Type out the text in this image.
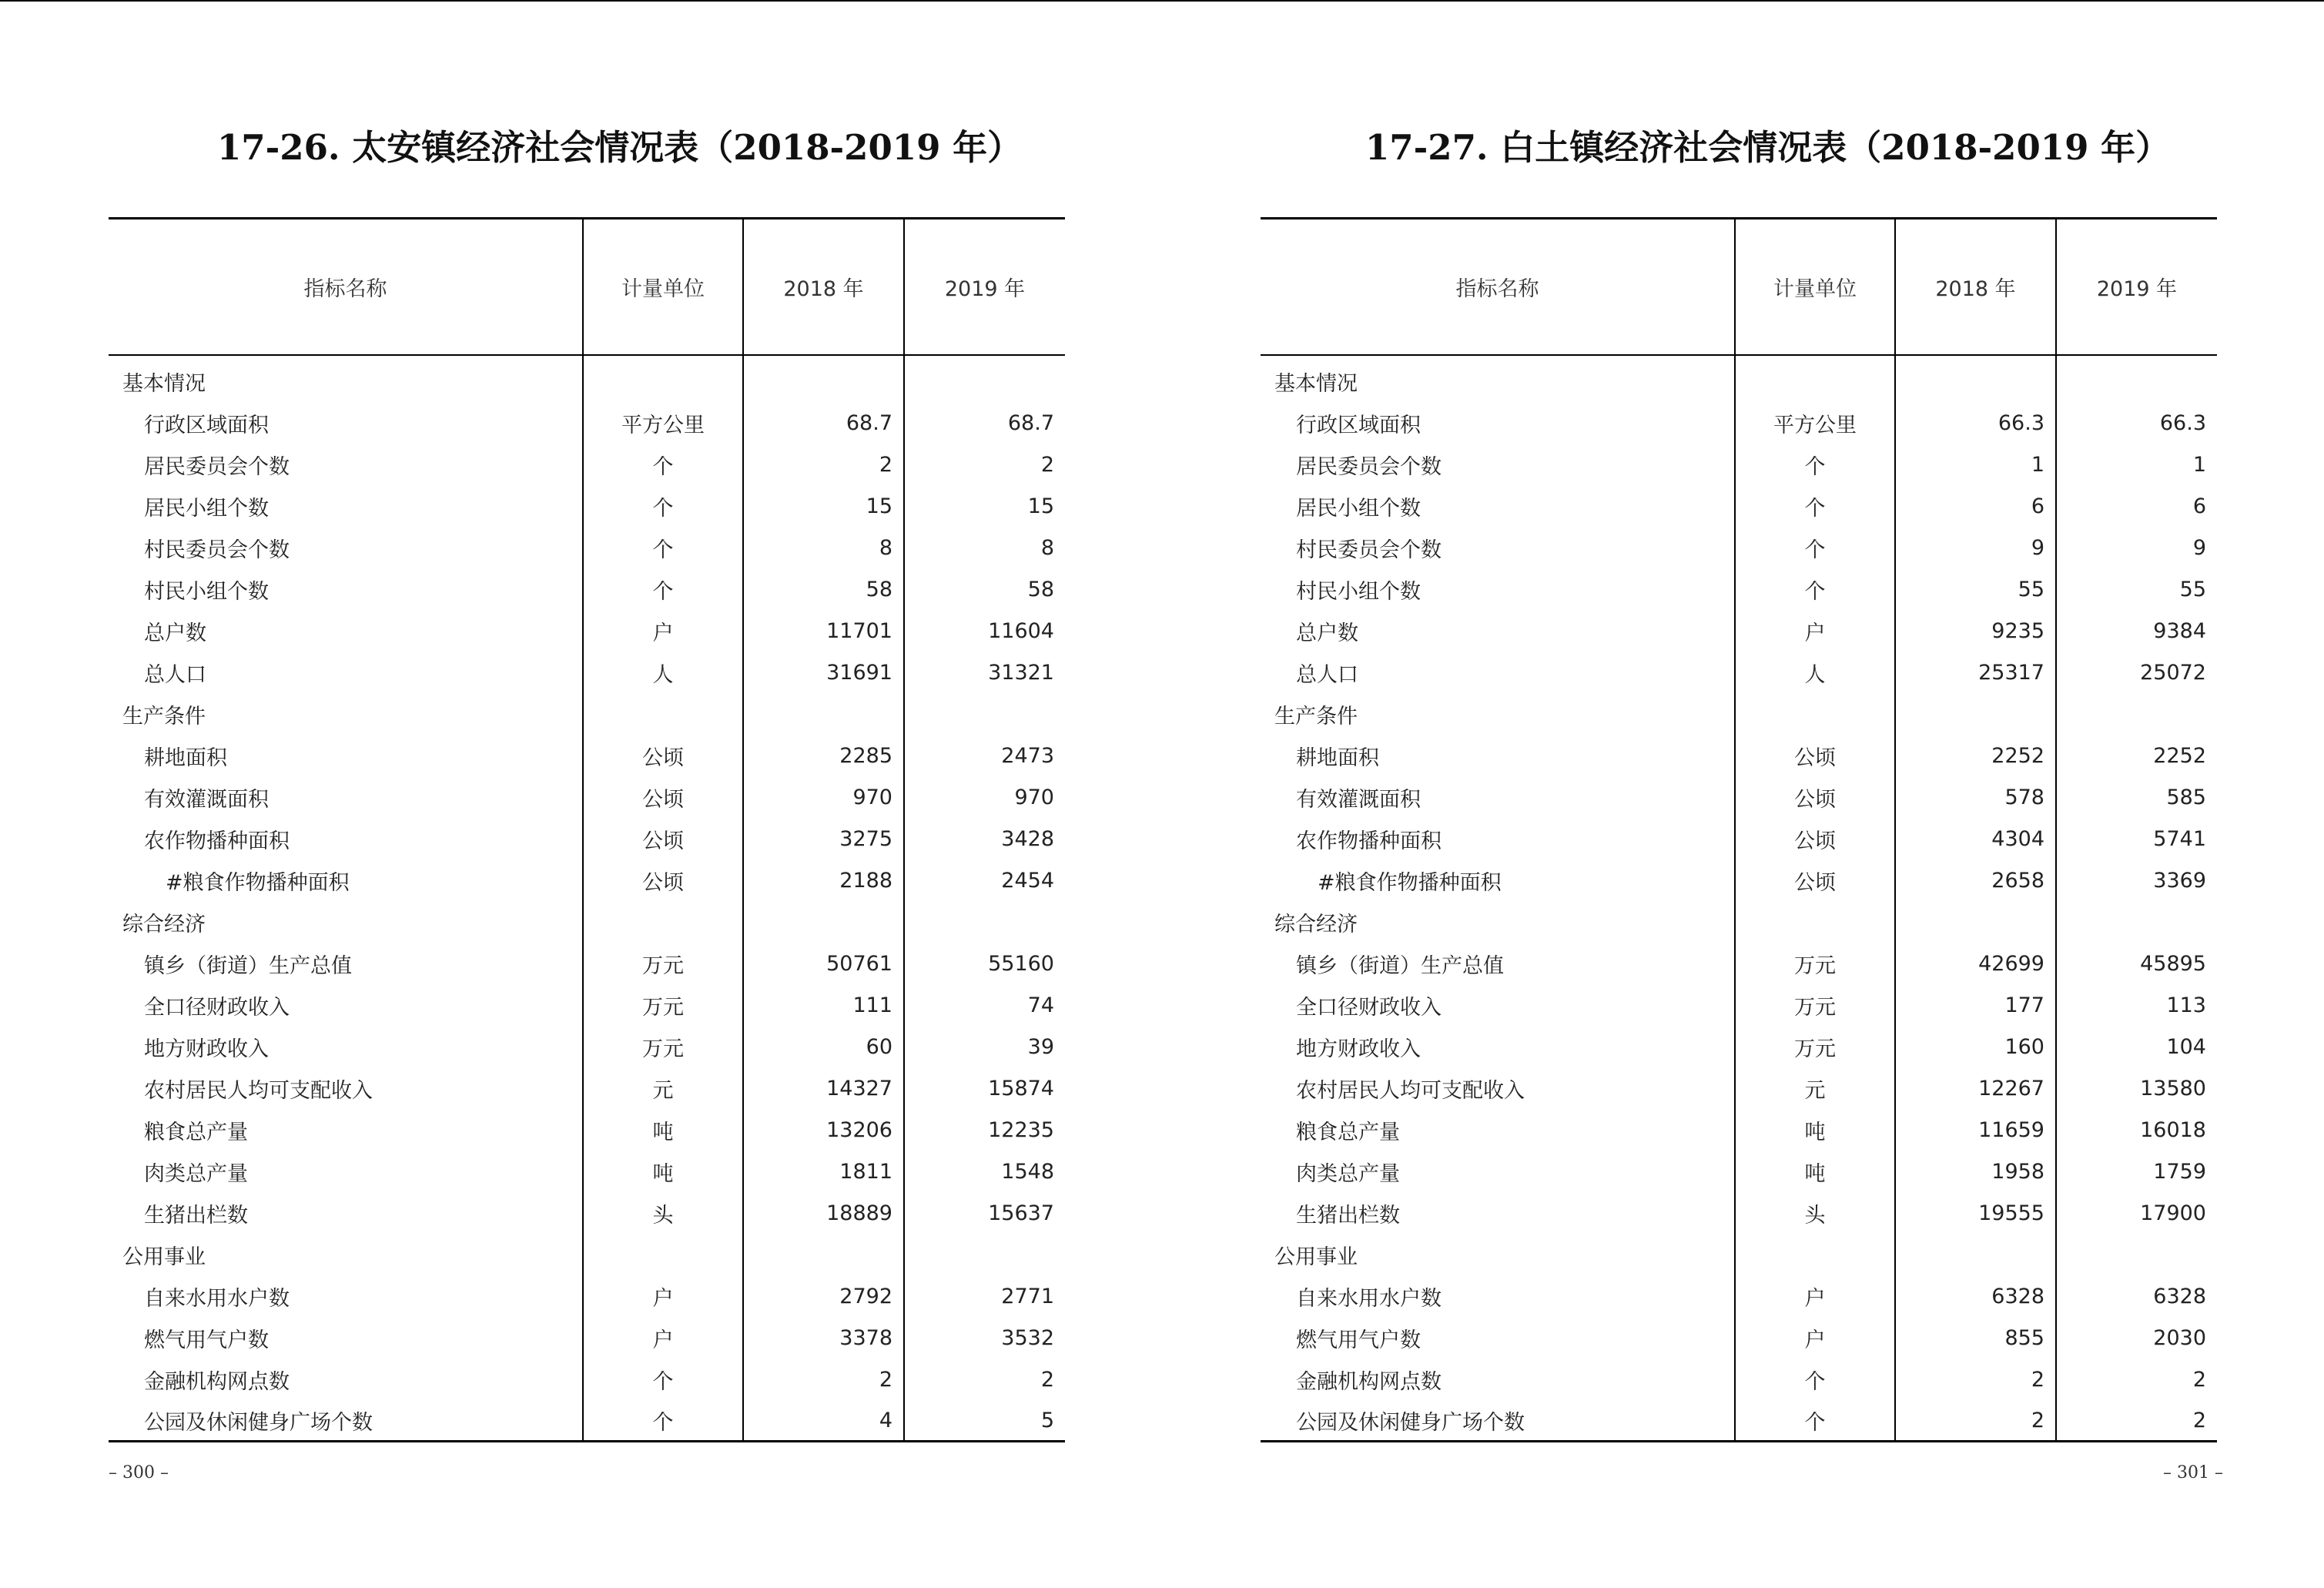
17-26. 太安镇经济社会情况表（2018-2019 年）
指标名称	计量单位	2018 年	2019 年
基本情况			
行政区域面积	平方公里	68.7	68.7
居民委员会个数	个	2	2
居民小组个数	个	15	15
村民委员会个数	个	8	8
村民小组个数	个	58	58
总户数	户	11701	11604
总人口	人	31691	31321
生产条件			
耕地面积	公顷	2285	2473
有效灌溉面积	公顷	970	970
农作物播种面积	公顷	3275	3428
#粮食作物播种面积	公顷	2188	2454
综合经济			
镇乡（街道）生产总值	万元	50761	55160
全口径财政收入	万元	111	74
地方财政收入	万元	60	39
农村居民人均可支配收入	元	14327	15874
粮食总产量	吨	13206	12235
肉类总产量	吨	1811	1548
生猪出栏数	头	18889	15637
公用事业			
自来水用水户数	户	2792	2771
燃气用气户数	户	3378	3532
金融机构网点数	个	2	2
公园及休闲健身广场个数	个	4	5
– 300 –
17-27. 白土镇经济社会情况表（2018-2019 年）
指标名称	计量单位	2018 年	2019 年
基本情况			
行政区域面积	平方公里	66.3	66.3
居民委员会个数	个	1	1
居民小组个数	个	6	6
村民委员会个数	个	9	9
村民小组个数	个	55	55
总户数	户	9235	9384
总人口	人	25317	25072
生产条件			
耕地面积	公顷	2252	2252
有效灌溉面积	公顷	578	585
农作物播种面积	公顷	4304	5741
#粮食作物播种面积	公顷	2658	3369
综合经济			
镇乡（街道）生产总值	万元	42699	45895
全口径财政收入	万元	177	113
地方财政收入	万元	160	104
农村居民人均可支配收入	元	12267	13580
粮食总产量	吨	11659	16018
肉类总产量	吨	1958	1759
生猪出栏数	头	19555	17900
公用事业			
自来水用水户数	户	6328	6328
燃气用气户数	户	855	2030
金融机构网点数	个	2	2
公园及休闲健身广场个数	个	2	2
– 301 –
